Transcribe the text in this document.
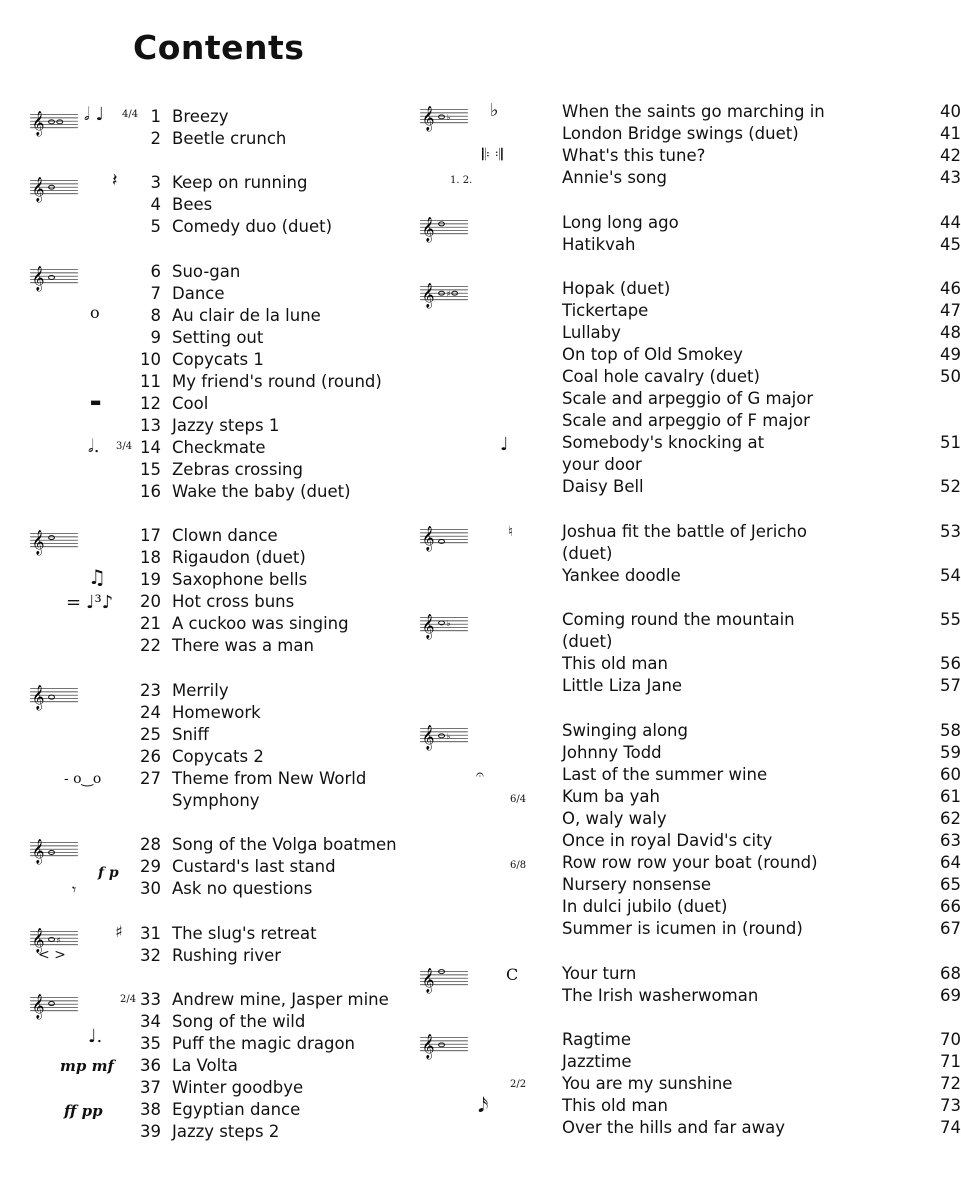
Contents
1 Breezy
2 Beetle crunch
𝄞
3 Keep on running
4 Bees
5 Comedy duo (duet)
𝄞
6 Suo-gan
7 Dance
8 Au clair de la lune
9 Setting out
10 Copycats 1
11 My friend's round (round)
12 Cool
13 Jazzy steps 1
14 Checkmate
15 Zebras crossing
16 Wake the baby (duet)
𝄞
17 Clown dance
18 Rigaudon (duet)
19 Saxophone bells
20 Hot cross buns
21 A cuckoo was singing
22 There was a man
𝄞
23 Merrily
24 Homework
25 Sniff
26 Copycats 2
27 Theme from New World
Symphony
𝄞
28 Song of the Volga boatmen
29 Custard's last stand
30 Ask no questions
𝄞
31 The slug's retreat
32 Rushing river
𝄞 ♯
33 Andrew mine, Jasper mine
34 Song of the wild
35 Puff the magic dragon
36 La Volta
37 Winter goodbye
38 Egyptian dance
39 Jazzy steps 2
𝄞
𝅗𝅥 ♩ 4/4
𝄽
o
▬
𝅗𝅥. 3/4
♫
= ♩³♪
- o‿o
f p
𝄾
♯
< >
2/4
♩.
mp mf
ff pp
40
When the saints go marching in
41
London Bridge swings (duet)
42
What's this tune?
43
Annie's song
𝄞 ♭
44
Long long ago
45
Hatikvah
𝄞
46
Hopak (duet)
47
Tickertape
48
Lullaby
49
On top of Old Smokey
50
Coal hole cavalry (duet)
Scale and arpeggio of G major
Scale and arpeggio of F major
51
Somebody's knocking at
your door
52
Daisy Bell
𝄞 ♯
53
Joshua fit the battle of Jericho
(duet)
54
Yankee doodle
𝄞
55
Coming round the mountain
(duet)
56
This old man
57
Little Liza Jane
𝄞 ♭
58
Swinging along
59
Johnny Todd
60
Last of the summer wine
61
Kum ba yah
62
O, waly waly
63
Once in royal David's city
64
Row row row your boat (round)
65
Nursery nonsense
66
In dulci jubilo (duet)
67
Summer is icumen in (round)
𝄞 ♭
68
Your turn
69
The Irish washerwoman
𝄞
70
Ragtime
71
Jazztime
72
You are my sunshine
73
This old man
74
Over the hills and far away
𝄞
♭
𝄆 𝄇
1. 2.
♩
♮
𝄐
6/4
6/8
C
2/2
𝅘𝅥𝅯
